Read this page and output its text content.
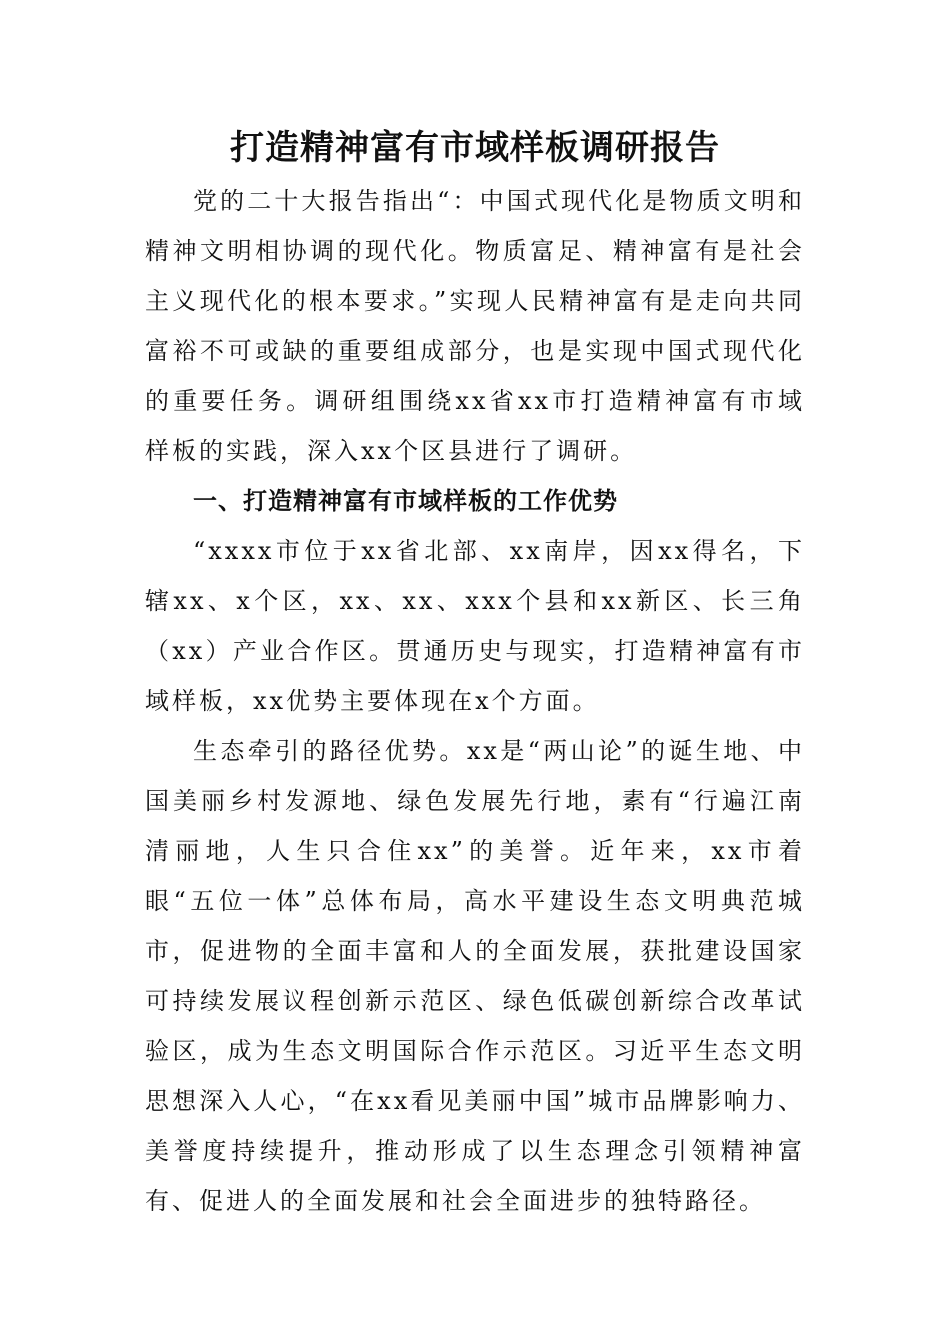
打造精神富有市域样板调研报告

党的二十大报告指出“：中国式现代化是物质文明和精神文明相协调的现代化。物质富足、精神富有是社会主义现代化的根本要求。”实现人民精神富有是走向共同富裕不可或缺的重要组成部分，也是实现中国式现代化的重要任务。调研组围绕xx省xx市打造精神富有市域样板的实践，深入xx个区县进行了调研。

一、打造精神富有市域样板的工作优势

“xxxx市位于xx省北部、xx南岸，因xx得名，下辖xx、x个区，xx、xx、xxx个县和xx新区、长三角（xx）产业合作区。贯通历史与现实，打造精神富有市域样板，xx优势主要体现在x个方面。

生态牵引的路径优势。xx是“两山论”的诞生地、中国美丽乡村发源地、绿色发展先行地，素有“行遍江南清丽地，人生只合住xx”的美誉。近年来，xx市着眼“五位一体”总体布局，高水平建设生态文明典范城市，促进物的全面丰富和人的全面发展，获批建设国家可持续发展议程创新示范区、绿色低碳创新综合改革试验区，成为生态文明国际合作示范区。习近平生态文明思想深入人心，“在xx看见美丽中国”城市品牌影响力、美誉度持续提升，推动形成了以生态理念引领精神富有、促进人的全面发展和社会全面进步的独特路径。
